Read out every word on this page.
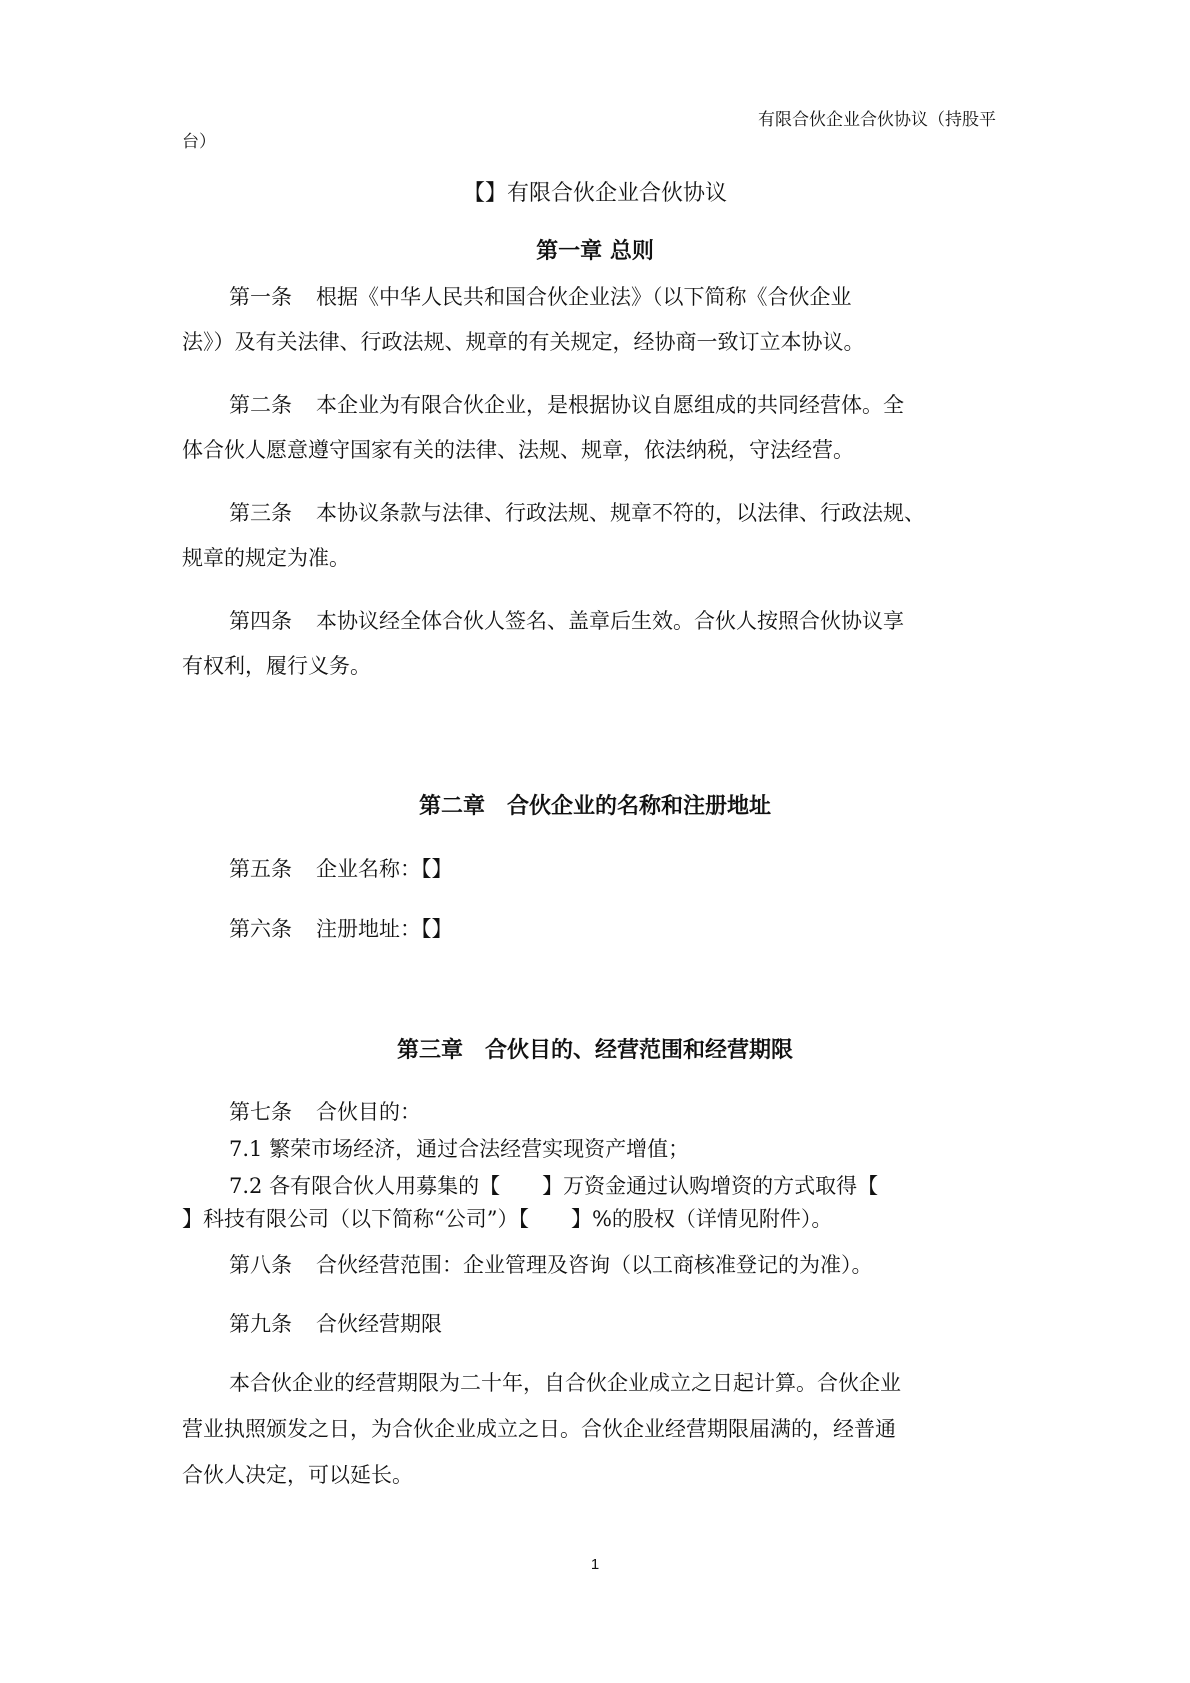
有限合伙企业合伙协议（持股平
台）
【】有限合伙企业合伙协议
第一章 总则
第一条 根据《中华人民共和国合伙企业法》（以下简称《合伙企业
法》）及有关法律、行政法规、规章的有关规定，经协商一致订立本协议。
第二条 本企业为有限合伙企业，是根据协议自愿组成的共同经营体。全
体合伙人愿意遵守国家有关的法律、法规、规章，依法纳税，守法经营。
第三条 本协议条款与法律、行政法规、规章不符的，以法律、行政法规、
规章的规定为准。
第四条 本协议经全体合伙人签名、盖章后生效。合伙人按照合伙协议享
有权利，履行义务。
第二章　合伙企业的名称和注册地址
第五条 企业名称：【】
第六条 注册地址：【】
第三章　合伙目的、经营范围和经营期限
第七条 合伙目的：
7.1 繁荣市场经济，通过合法经营实现资产增值；
7.2 各有限合伙人用募集的【　　】万资金通过认购增资的方式取得【
】科技有限公司（以下简称“公司”）【　　】%的股权（详情见附件）。
第八条 合伙经营范围：企业管理及咨询（以工商核准登记的为准）。
第九条 合伙经营期限
本合伙企业的经营期限为二十年，自合伙企业成立之日起计算。合伙企业
营业执照颁发之日，为合伙企业成立之日。合伙企业经营期限届满的，经普通
合伙人决定，可以延长。
1
